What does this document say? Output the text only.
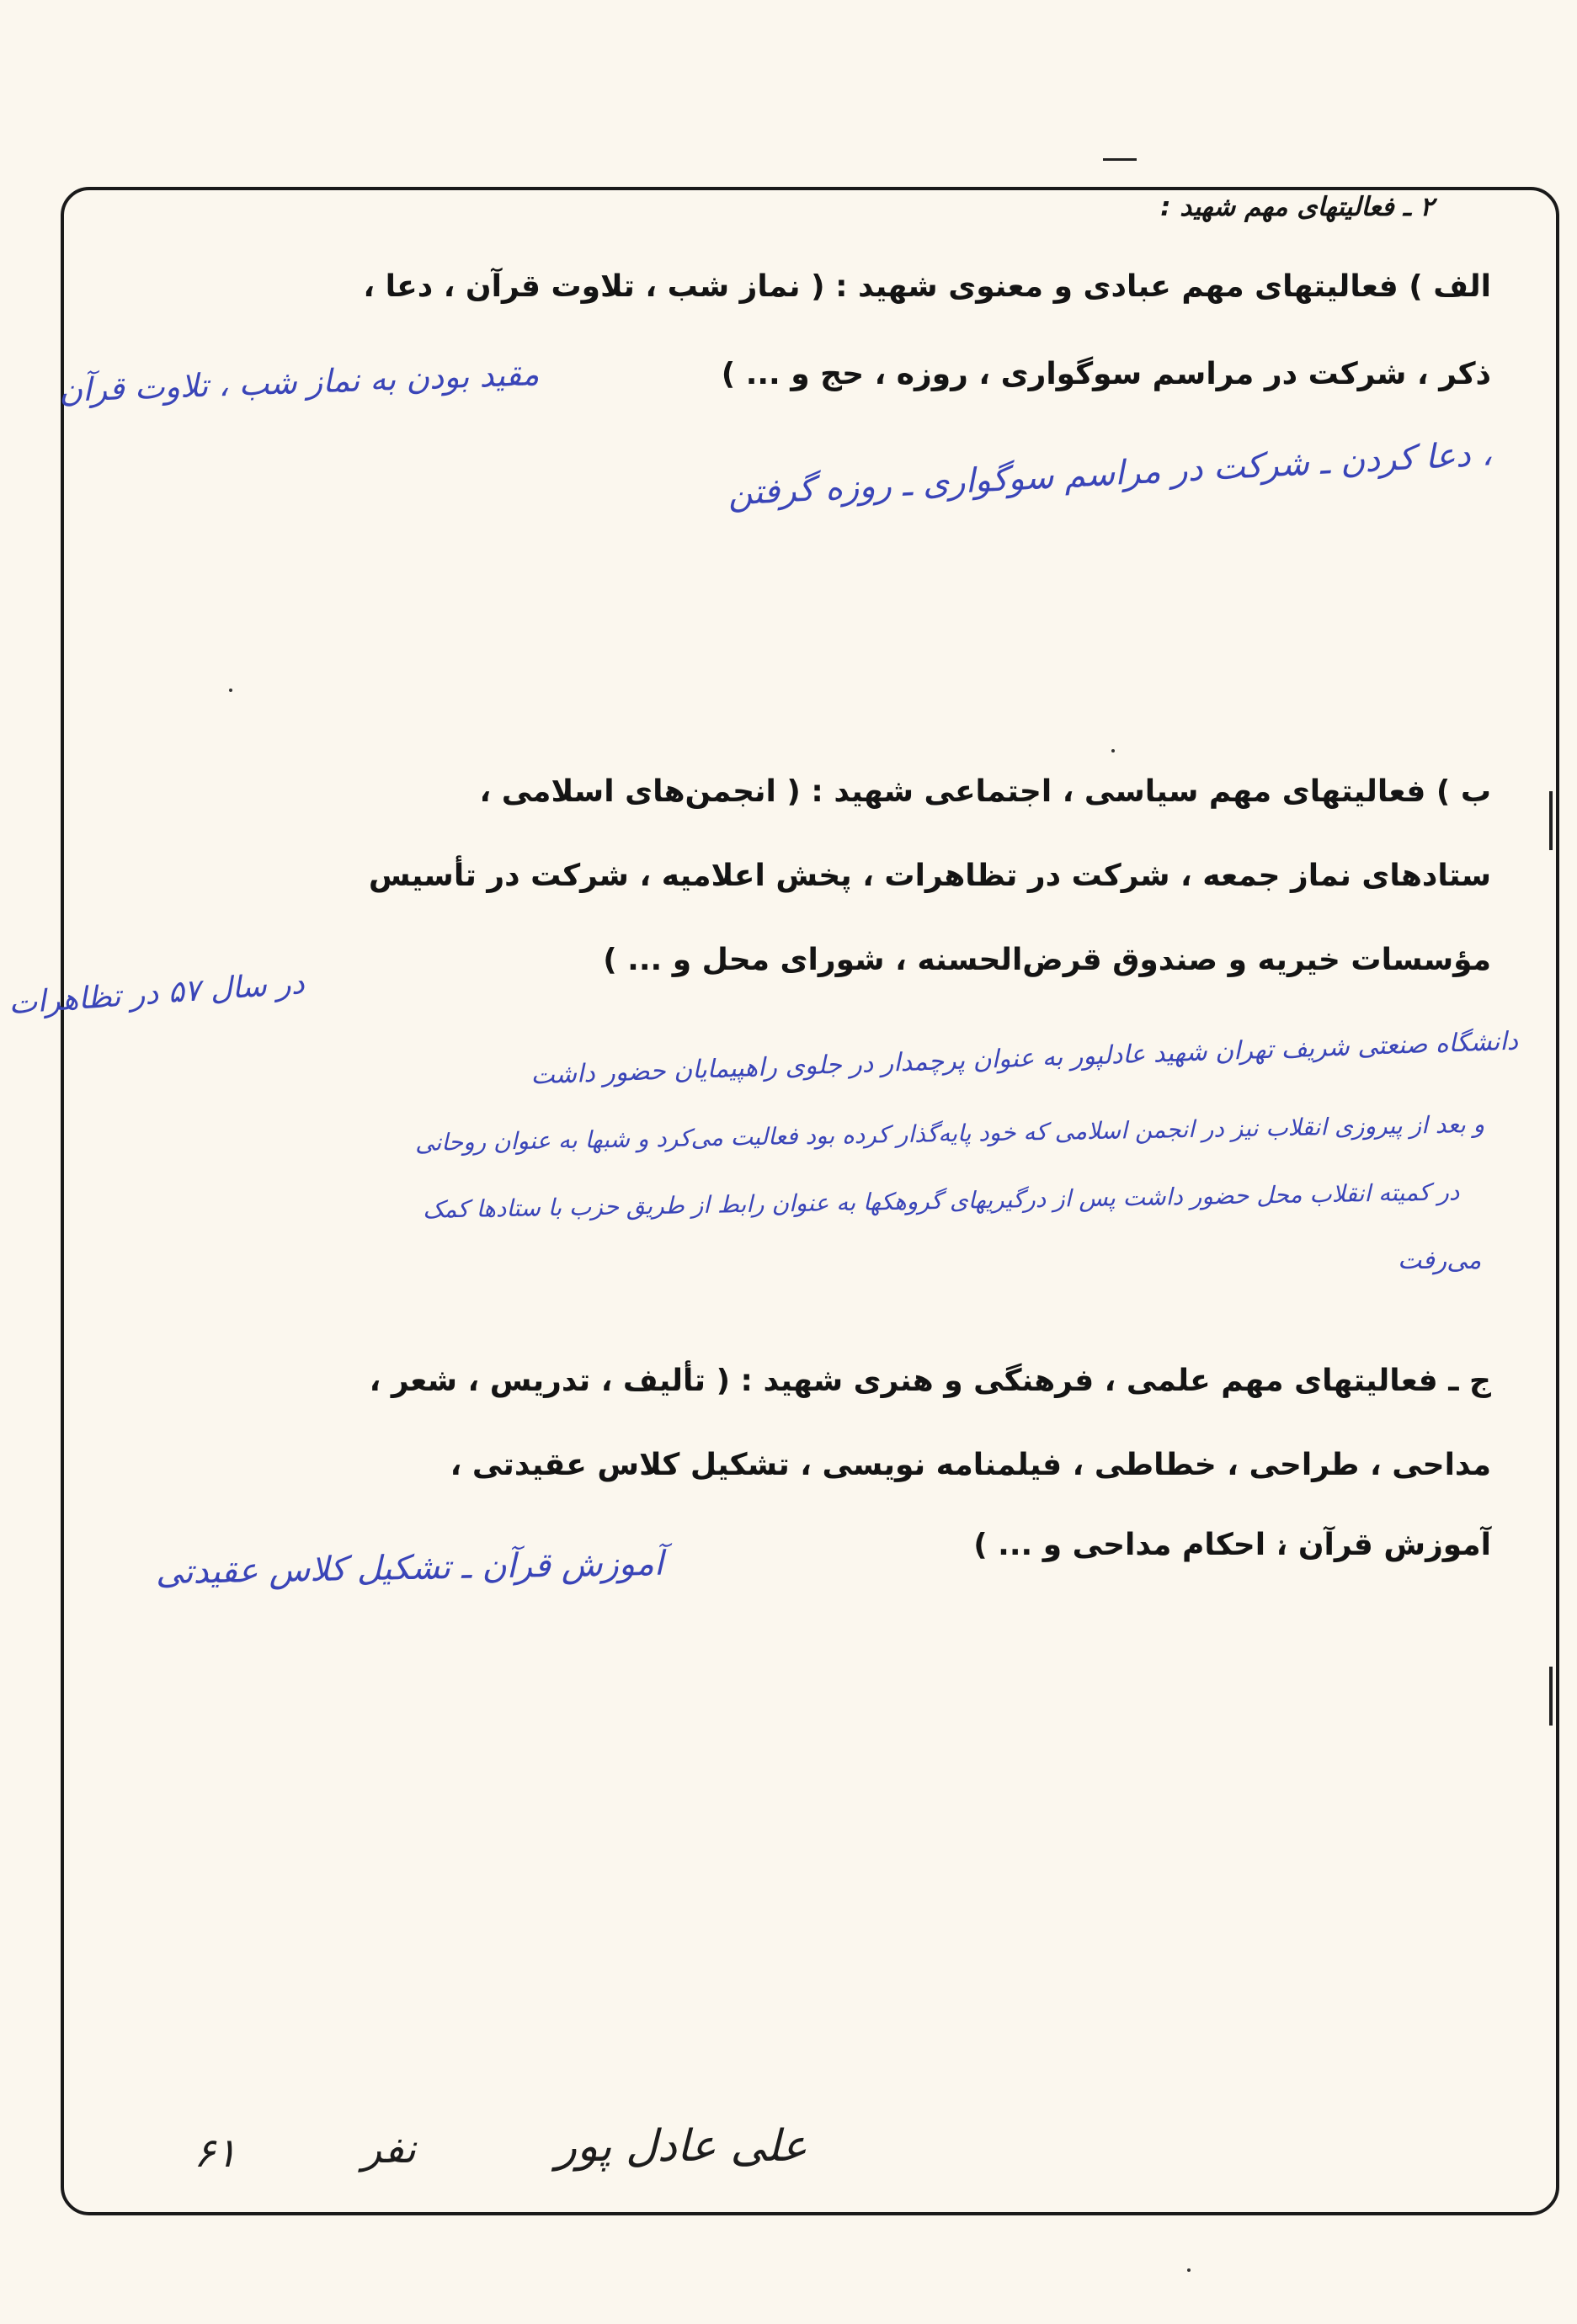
۲ ـ فعالیتهای مهم شهید :
الف ) فعالیتهای مهم عبادی و معنوی شهید : ( نماز شب ، تلاوت قرآن ، دعا ،
ذکر ، شرکت در مراسم سوگواری ، روزه ، حج و ... )
مقید بودن به نماز شب ، تلاوت قرآن
، دعا کردن ـ شرکت در مراسم سوگواری ـ روزه گرفتن
ب ) فعالیتهای مهم سیاسی ، اجتماعی شهید : ( انجمن‌های اسلامی ،
ستادهای نماز جمعه ، شرکت در تظاهرات ، پخش اعلامیه ، شرکت در تأسیس
مؤسسات خیریه و صندوق قرض‌الحسنه ، شورای محل و ... )
در سال ۵۷ در تظاهرات
دانشگاه صنعتی شریف تهران شهید عادلپور به عنوان پرچمدار در جلوی راهپیمایان حضور داشت
و بعد از پیروزی انقلاب نیز در انجمن اسلامی که خود پایه‌گذار کرده بود فعالیت می‌کرد و شبها به عنوان روحانی
در کمیته انقلاب محل حضور داشت پس از درگیریهای گروهکها به عنوان رابط از طریق حزب با ستادها کمک
می‌رفت
ج ـ فعالیتهای مهم علمی ، فرهنگی و هنری شهید : ( تألیف ، تدریس ، شعر ،
مداحی ، طراحی ، خطاطی ، فیلمنامه نویسی ، تشکیل کلاس عقیدتی ،
آموزش قرآن ، احکام مداحی و ... )
آموزش قرآن ـ تشکیل کلاس عقیدتی
۶۱	نفر	علی عادل پور
